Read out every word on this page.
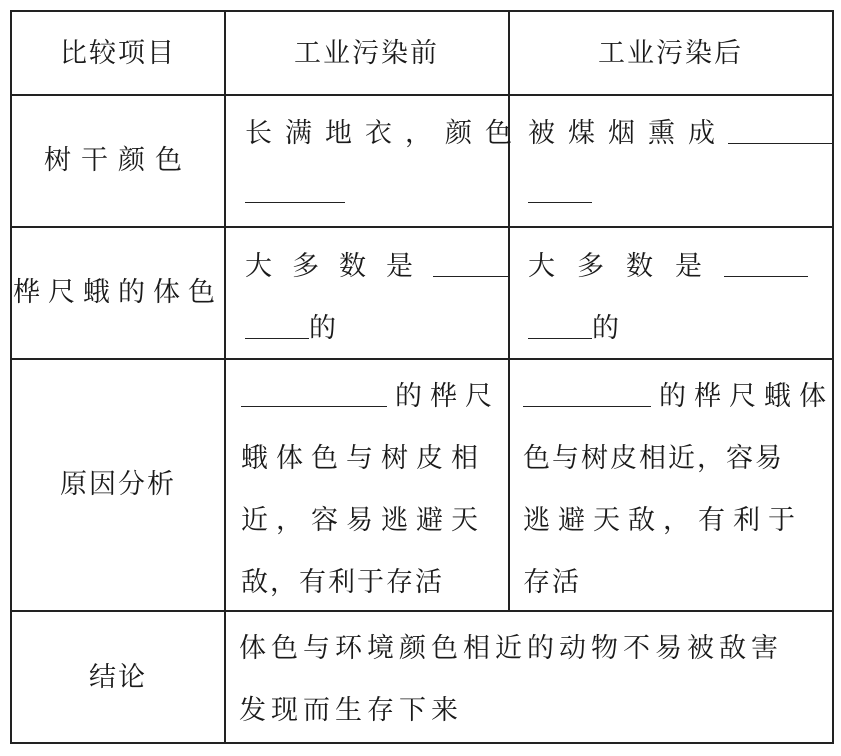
比较项目	工业污染前	工业污染后
树干颜色
长满地衣，颜色 被煤烟熏成
桦尺蛾的体色
大多数是
的
大多数是
的
原因分析
的桦尺
蛾体色与树皮相
近，容易逃避天
敌，有利于存活
的桦尺蛾体
色与树皮相近，容易
逃避天敌，有利于
存活
结论
体色与环境颜色相近的动物不易被敌害
发现而生存下来
